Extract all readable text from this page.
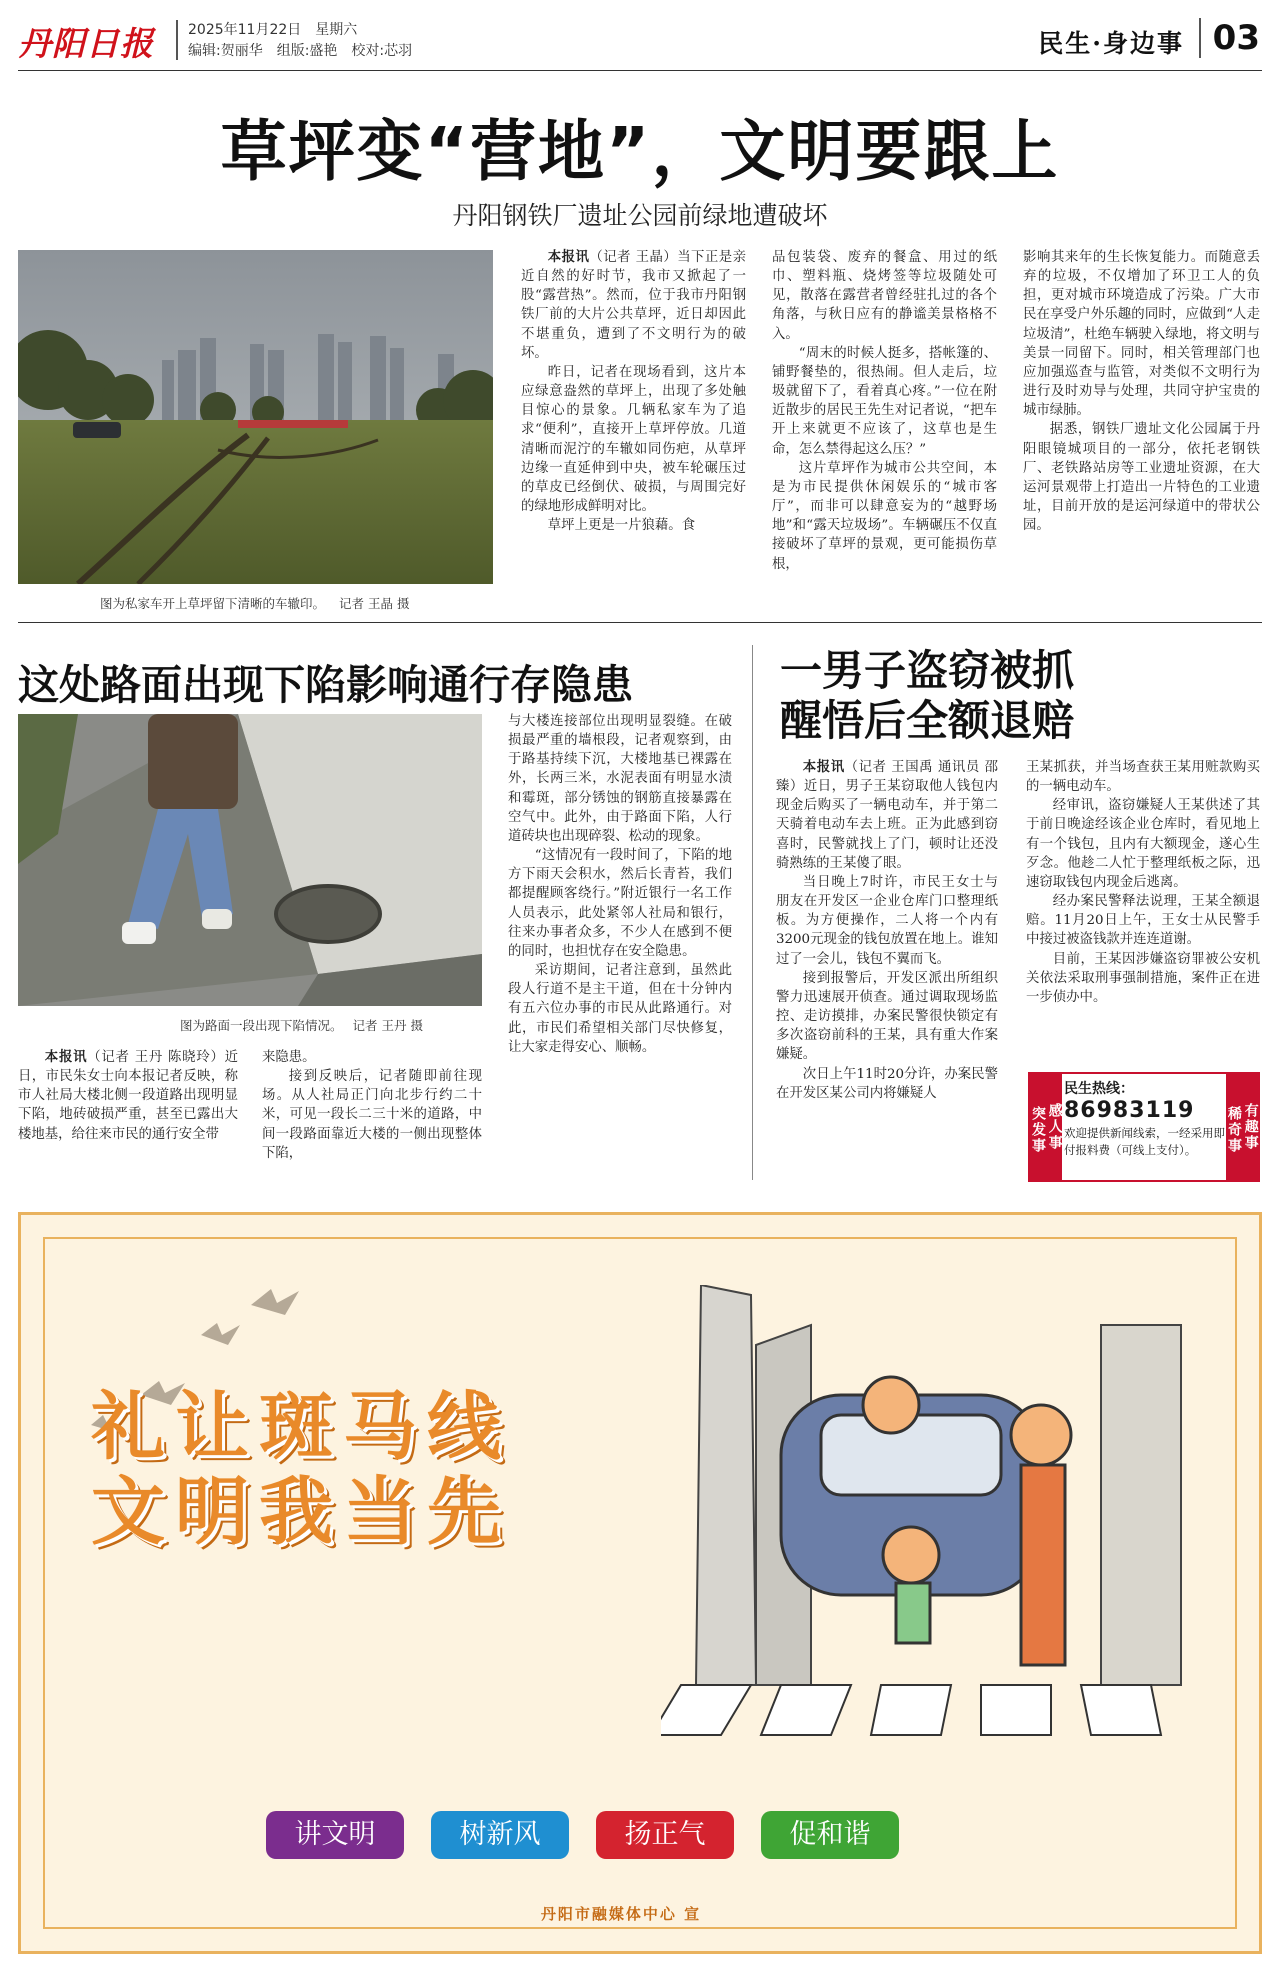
丹阳日报	2025年11月22日　星期六
编辑:贺丽华　组版:盛艳　校对:芯羽	民生·身边事 03
草坪变“营地”，文明要跟上
丹阳钢铁厂遗址公园前绿地遭破坏
图为私家车开上草坪留下清晰的车辙印。 记者 王晶 摄

本报讯（记者 王晶）当下正是亲近自然的好时节，我市又掀起了一股“露营热”。然而，位于我市丹阳钢铁厂前的大片公共草坪，近日却因此不堪重负，遭到了不文明行为的破坏。

昨日，记者在现场看到，这片本应绿意盎然的草坪上，出现了多处触目惊心的景象。几辆私家车为了追求“便利”，直接开上草坪停放。几道清晰而泥泞的车辙如同伤疤，从草坪边缘一直延伸到中央，被车轮碾压过的草皮已经倒伏、破损，与周围完好的绿地形成鲜明对比。

草坪上更是一片狼藉。食

品包装袋、废弃的餐盒、用过的纸巾、塑料瓶、烧烤签等垃圾随处可见，散落在露营者曾经驻扎过的各个角落，与秋日应有的静谧美景格格不入。

“周末的时候人挺多，搭帐篷的、铺野餐垫的，很热闹。但人走后，垃圾就留下了，看着真心疼。”一位在附近散步的居民王先生对记者说，“把车开上来就更不应该了，这草也是生命，怎么禁得起这么压？”

这片草坪作为城市公共空间，本是为市民提供休闲娱乐的“城市客厅”，而非可以肆意妄为的“越野场地”和“露天垃圾场”。车辆碾压不仅直接破坏了草坪的景观，更可能损伤草根，

影响其来年的生长恢复能力。而随意丢弃的垃圾，不仅增加了环卫工人的负担，更对城市环境造成了污染。广大市民在享受户外乐趣的同时，应做到“人走垃圾清”，杜绝车辆驶入绿地，将文明与美景一同留下。同时，相关管理部门也应加强巡查与监管，对类似不文明行为进行及时劝导与处理，共同守护宝贵的城市绿肺。

据悉，钢铁厂遗址文化公园属于丹阳眼镜城项目的一部分，依托老钢铁厂、老铁路站房等工业遗址资源，在大运河景观带上打造出一片特色的工业遗址，目前开放的是运河绿道中的带状公园。

这处路面出现下陷影响通行存隐患
图为路面一段出现下陷情况。 记者 王丹 摄

本报讯（记者 王丹 陈晓玲）近日，市民朱女士向本报记者反映，称市人社局大楼北侧一段道路出现明显下陷，地砖破损严重，甚至已露出大楼地基，给往来市民的通行安全带

来隐患。

接到反映后，记者随即前往现场。从人社局正门向北步行约二十米，可见一段长二三十米的道路，中间一段路面靠近大楼的一侧出现整体下陷，

与大楼连接部位出现明显裂缝。在破损最严重的墙根段，记者观察到，由于路基持续下沉，大楼地基已裸露在外，长两三米，水泥表面有明显水渍和霉斑，部分锈蚀的钢筋直接暴露在空气中。此外，由于路面下陷，人行道砖块也出现碎裂、松动的现象。

“这情况有一段时间了，下陷的地方下雨天会积水，然后长青苔，我们都提醒顾客绕行。”附近银行一名工作人员表示，此处紧邻人社局和银行，往来办事者众多，不少人在感到不便的同时，也担忧存在安全隐患。

采访期间，记者注意到，虽然此段人行道不是主干道，但在十分钟内有五六位办事的市民从此路通行。对此，市民们希望相关部门尽快修复，让大家走得安心、顺畅。

一男子盗窃被抓
醒悟后全额退赔

本报讯（记者 王国禹 通讯员 邵臻）近日，男子王某窃取他人钱包内现金后购买了一辆电动车，并于第二天骑着电动车去上班。正为此感到窃喜时，民警就找上了门，顿时让还没骑熟练的王某傻了眼。

当日晚上7时许，市民王女士与朋友在开发区一企业仓库门口整理纸板。为方便操作，二人将一个内有3200元现金的钱包放置在地上。谁知过了一会儿，钱包不翼而飞。

接到报警后，开发区派出所组织警力迅速展开侦查。通过调取现场监控、走访摸排，办案民警很快锁定有多次盗窃前科的王某，具有重大作案嫌疑。

次日上午11时20分许，办案民警在开发区某公司内将嫌疑人

王某抓获，并当场查获王某用赃款购买的一辆电动车。

经审讯，盗窃嫌疑人王某供述了其于前日晚途经该企业仓库时，看见地上有一个钱包，且内有大额现金，遂心生歹念。他趁二人忙于整理纸板之际，迅速窃取钱包内现金后逃离。

经办案民警释法说理，王某全额退赔。11月20日上午，王女士从民警手中接过被盗钱款并连连道谢。

目前，王某因涉嫌盗窃罪被公安机关依法采取刑事强制措施，案件正在进一步侦办中。

感人事
突发事
民生热线：
86983119
欢迎提供新闻线索，一经采用即付报料费（可线上支付）。	有趣事
稀奇事
礼让斑马线
文明我当先
讲文明	树新风	扬正气	促和谐
丹阳市融媒体中心 宣
